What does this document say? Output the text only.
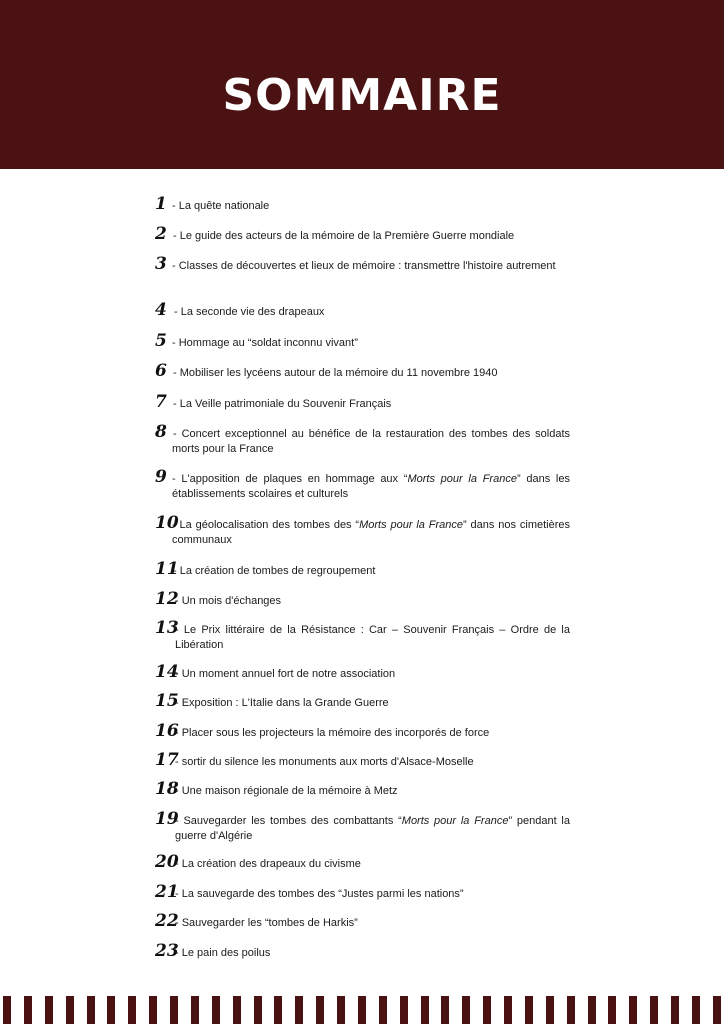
SOMMAIRE
1 - La quête nationale
2 - Le guide des acteurs de la mémoire de la Première Guerre mondiale
3 - Classes de découvertes et lieux de mémoire : transmettre l'histoire autrement
4 - La seconde vie des drapeaux
5 - Hommage au “soldat inconnu vivant”
6 - Mobiliser les lycéens autour de la mémoire du 11 novembre 1940
7 - La Veille patrimoniale du Souvenir Français
8 - Concert exceptionnel au bénéfice de la restauration des tombes des soldats morts pour la France
9 - L'apposition de plaques en hommage aux “Morts pour la France” dans les établissements scolaires et culturels
10
- La géolocalisation des tombes des “Morts pour la France” dans nos cimetières communaux
11
- La création de tombes de regroupement
12
- Un mois d'échanges
13
- Le Prix littéraire de la Résistance : Car – Souvenir Français – Ordre de la Libération
14
- Un moment annuel fort de notre association
15
- Exposition : L'Italie dans la Grande Guerre
16
- Placer sous les projecteurs la mémoire des incorporés de force
17
- sortir du silence les monuments aux morts d'Alsace-Moselle
18
- Une maison régionale de la mémoire à Metz
19
- Sauvegarder les tombes des combattants “Morts pour la France” pendant la guerre d'Algérie
20
- La création des drapeaux du civisme
21
- La sauvegarde des tombes des “Justes parmi les nations”
22
- Sauvegarder les “tombes de Harkis”
23
- Le pain des poilus
